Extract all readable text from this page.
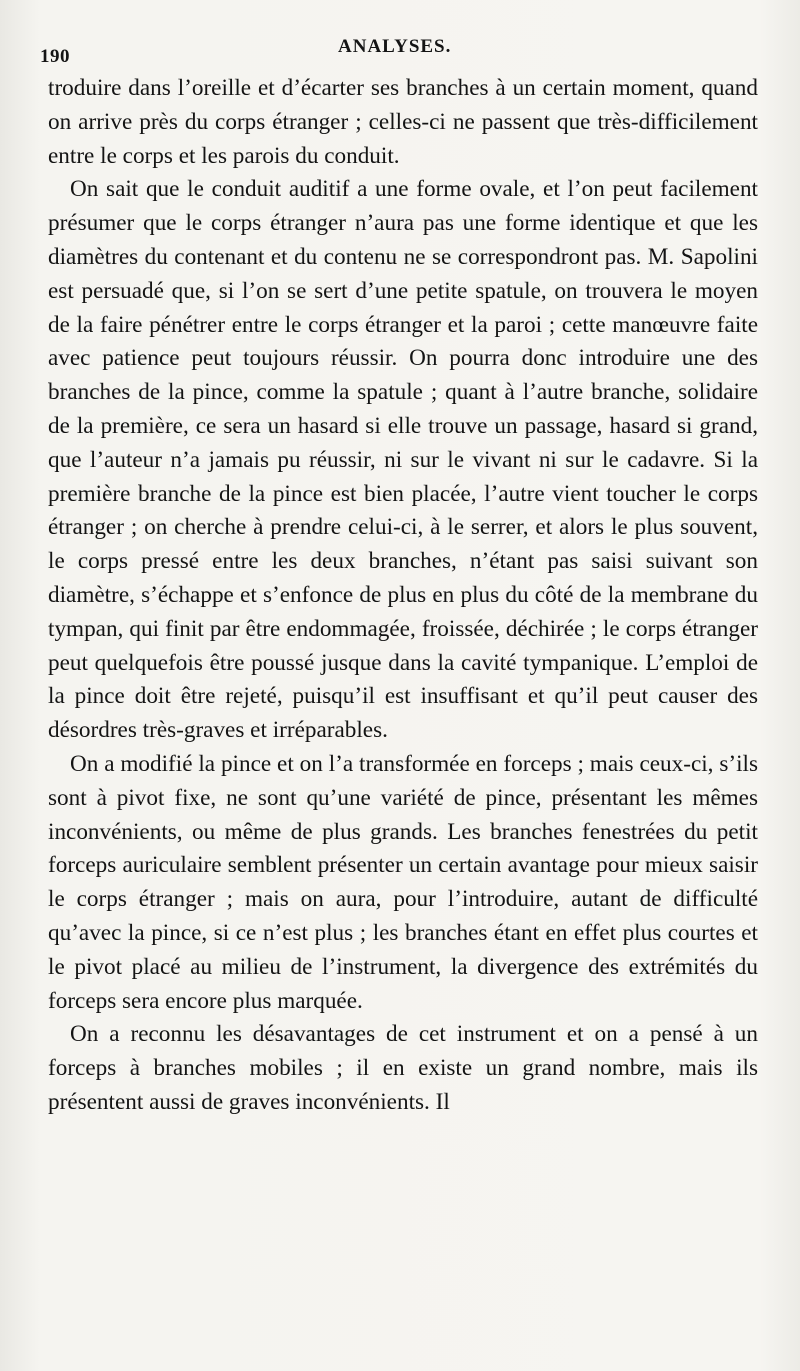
190	ANALYSES.

troduire dans l’oreille et d’écarter ses branches à un certain moment, quand on arrive près du corps étranger ; celles-ci ne passent que très-difficilement entre le corps et les parois du conduit.

On sait que le conduit auditif a une forme ovale, et l’on peut facilement présumer que le corps étranger n’aura pas une forme identique et que les diamètres du contenant et du contenu ne se correspondront pas. M. Sapolini est persuadé que, si l’on se sert d’une petite spatule, on trouvera le moyen de la faire pénétrer entre le corps étranger et la paroi ; cette manœuvre faite avec patience peut toujours réussir. On pourra donc introduire une des branches de la pince, comme la spatule ; quant à l’autre branche, solidaire de la première, ce sera un hasard si elle trouve un passage, hasard si grand, que l’auteur n’a jamais pu réussir, ni sur le vivant ni sur le cadavre. Si la première branche de la pince est bien placée, l’autre vient toucher le corps étranger ; on cherche à prendre celui-ci, à le serrer, et alors le plus souvent, le corps pressé entre les deux branches, n’étant pas saisi suivant son diamètre, s’échappe et s’enfonce de plus en plus du côté de la membrane du tympan, qui finit par être endommagée, froissée, déchirée ; le corps étranger peut quelquefois être poussé jusque dans la cavité tympanique. L’emploi de la pince doit être rejeté, puisqu’il est insuffisant et qu’il peut causer des désordres très-graves et irréparables.

On a modifié la pince et on l’a transformée en forceps ; mais ceux-ci, s’ils sont à pivot fixe, ne sont qu’une variété de pince, présentant les mêmes inconvénients, ou même de plus grands. Les branches fenestrées du petit forceps auriculaire semblent présenter un certain avantage pour mieux saisir le corps étranger ; mais on aura, pour l’introduire, autant de difficulté qu’avec la pince, si ce n’est plus ; les branches étant en effet plus courtes et le pivot placé au milieu de l’instrument, la divergence des extrémités du forceps sera encore plus marquée.

On a reconnu les désavantages de cet instrument et on a pensé à un forceps à branches mobiles ; il en existe un grand nombre, mais ils présentent aussi de graves inconvénients. Il
